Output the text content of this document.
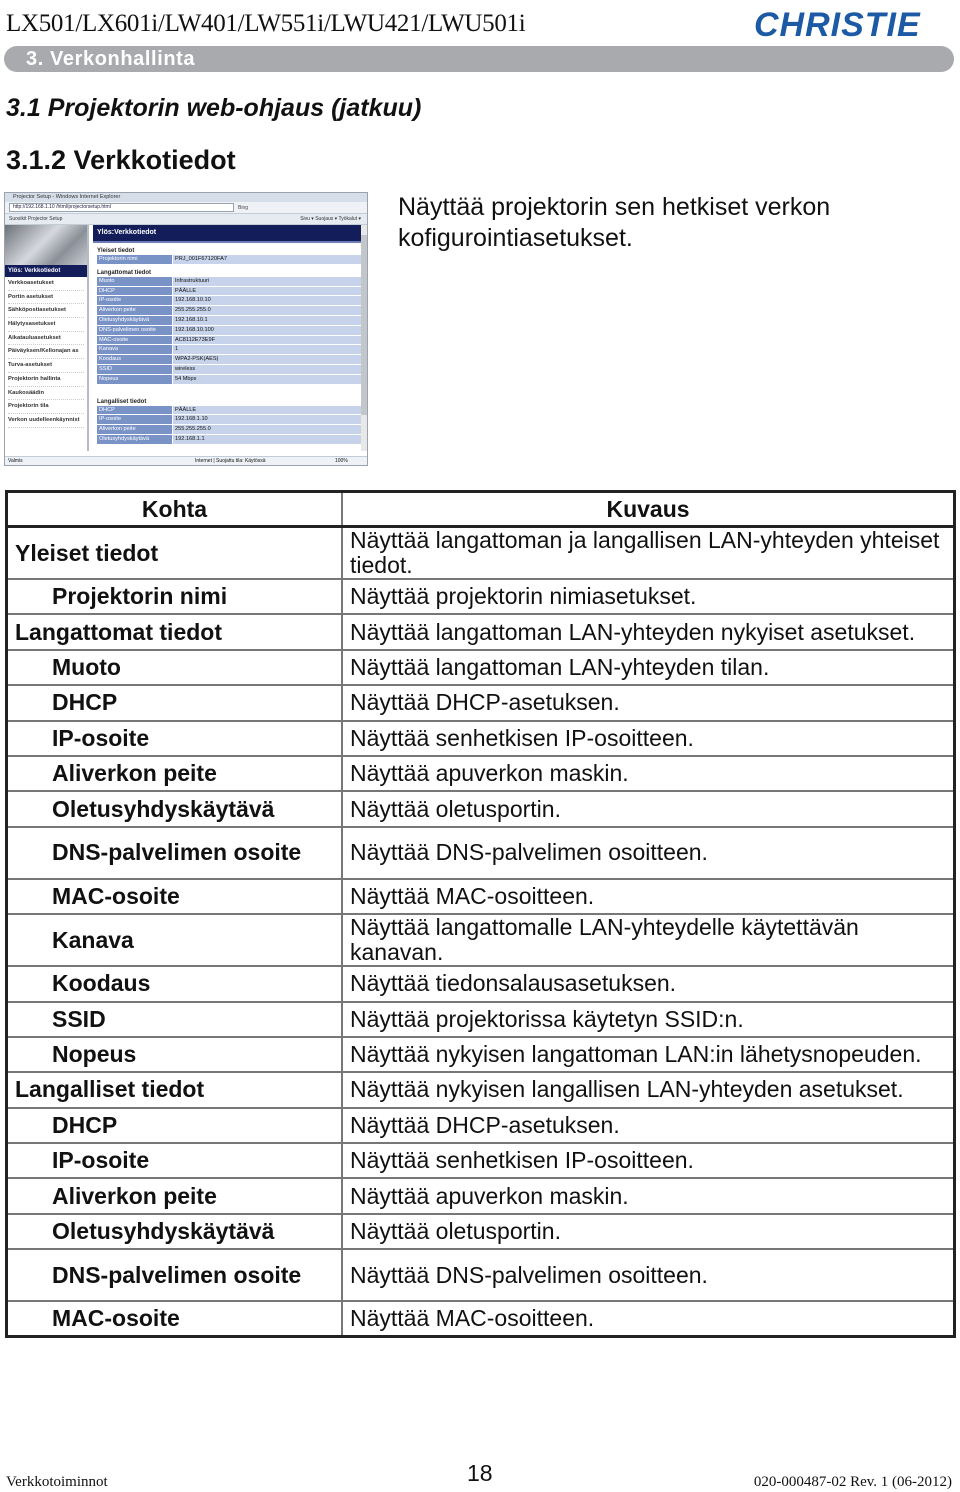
LX501/LX601i/LW401/LW551i/LWU421/LWU501i	CHRISTIE
3. Verkonhallinta
3.1 Projektorin web-ohjaus (jatkuu)
3.1.2 Verkkotiedot
Projector Setup - Windows Internet Explorer
http://192.168.1.10 /html/projectorsetup.html	Bing
Suosikit Projector Setup	Sivu ▾ Suojaus ▾ Työkalut ▾
Ylös: Verkkotiedot
Verkkoasetukset
Portin asetukset
Sähköpostiasetukset
Hälytysasetukset
Aikatauluasetukset
Päiväyksen/Kellonajan as
Turva-asetukset
Projektorin hallinta
Kaukosäädin
Projektorin tila
Verkon uudelleenkäynnist
Ylös:Verkkotiedot
Yleiset tiedot
Projektorin nimi	PRJ_001F67120FA7
Langattomat tiedot
Muoto	Infrastruktuuri
DHCP	PÄÄLLE
IP-osoite	192.168.10.10
Aliverkon peite	255.255.255.0
Oletusyhdyskäytävä	192.168.10.1
DNS-palvelimen osoite	192.168.10.100
MAC-osoite	AC8112E73E9F
Kanava	1
Koodaus	WPA2-PSK(AES)
SSID	wireless
Nopeus	54 Mbps
Langalliset tiedot
DHCP	PÄÄLLE
IP-osoite	192.168.1.10
Aliverkon peite	255.255.255.0
Oletusyhdyskäytävä	192.168.1.1
Valmis	Internet | Suojattu tila: Käytössä	100%
Näyttää projektorin sen hetkiset verkon kofigurointiasetukset.
Kohta	Kuvaus
Yleiset tiedot	Näyttää langattoman ja langallisen LAN-yhteyden yhteiset tiedot.
Projektorin nimi	Näyttää projektorin nimiasetukset.
Langattomat tiedot	Näyttää langattoman LAN-yhteyden nykyiset asetukset.
Muoto	Näyttää langattoman LAN-yhteyden tilan.
DHCP	Näyttää DHCP-asetuksen.
IP-osoite	Näyttää senhetkisen IP-osoitteen.
Aliverkon peite	Näyttää apuverkon maskin.
Oletusyhdyskäytävä	Näyttää oletusportin.
DNS-palvelimen osoite	Näyttää DNS-palvelimen osoitteen.
MAC-osoite	Näyttää MAC-osoitteen.
Kanava	Näyttää langattomalle LAN-yhteydelle käytettävän kanavan.
Koodaus	Näyttää tiedonsalausasetuksen.
SSID	Näyttää projektorissa käytetyn SSID:n.
Nopeus	Näyttää nykyisen langattoman LAN:in lähetysnopeuden.
Langalliset tiedot	Näyttää nykyisen langallisen LAN-yhteyden asetukset.
DHCP	Näyttää DHCP-asetuksen.
IP-osoite	Näyttää senhetkisen IP-osoitteen.
Aliverkon peite	Näyttää apuverkon maskin.
Oletusyhdyskäytävä	Näyttää oletusportin.
DNS-palvelimen osoite	Näyttää DNS-palvelimen osoitteen.
MAC-osoite	Näyttää MAC-osoitteen.
Verkkotoiminnot	18	020-000487-02 Rev. 1 (06-2012)
